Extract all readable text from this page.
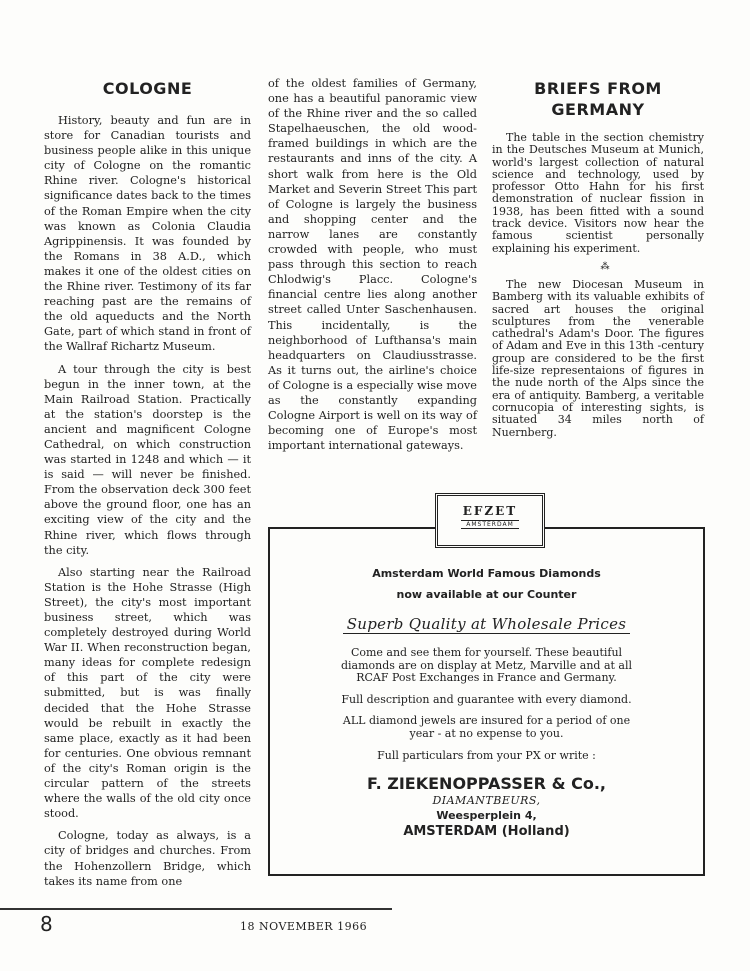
COLOGNE

History, beauty and fun are in store for Canadian tourists and business people alike in this unique city of Cologne on the romantic Rhine river. Cologne's historical significance dates back to the times of the Roman Empire when the city was known as Colonia Claudia Agrippinensis. It was founded by the Romans in 38 A.D., which makes it one of the oldest cities on the Rhine river. Testimony of its far reaching past are the remains of the old aqueducts and the North Gate, part of which stand in front of the Wallraf Richartz Museum.

A tour through the city is best begun in the inner town, at the Main Railroad Station. Practically at the station's doorstep is the ancient and magnificent Cologne Cathedral, on which construction was started in 1248 and which — it is said — will never be finished. From the observation deck 300 feet above the ground floor, one has an exciting view of the city and the Rhine river, which flows through the city.

Also starting near the Railroad Station is the Hohe Strasse (High Street), the city's most important business street, which was completely destroyed during World War II. When reconstruction began, many ideas for complete redesign of this part of the city were submitted, but is was finally decided that the Hohe Strasse would be rebuilt in exactly the same place, exactly as it had been for centuries. One obvious remnant of the city's Roman origin is the circular pattern of the streets where the walls of the old city once stood.

Cologne, today as always, is a city of bridges and churches. From the Hohenzollern Bridge, which takes its name from one

of the oldest families of Germany, one has a beautiful panoramic view of the Rhine river and the so called Stapelhaeuschen, the old wood-framed buildings in which are the restaurants and inns of the city. A short walk from here is the Old Market and Severin Street This part of Cologne is largely the business and shopping center and the narrow lanes are constantly crowded with people, who must pass through this section to reach Chlodwig's Placc. Cologne's financial centre lies along another street called Unter Saschenhausen. This incidentally, is the neighborhood of Lufthansa's main headquarters on Claudiusstrasse. As it turns out, the airline's choice of Cologne is a especially wise move as the constantly expanding Cologne Airport is well on its way of becoming one of Europe's most important international gateways.

BRIEFS FROM
GERMANY

The table in the section chemistry in the Deutsches Museum at Munich, world's largest collection of natural science and technology, used by professor Otto Hahn for his first demonstration of nuclear fission in 1938, has been fitted with a sound track device. Visitors now hear the famous scientist personally explaining his experiment.

⁂

The new Diocesan Museum in Bamberg with its valuable exhibits of sacred art houses the original sculptures from the venerable cathedral's Adam's Door. The figures of Adam and Eve in this 13th -century group are considered to be the first life-size representaions of figures in the nude north of the Alps since the era of antiquity. Bamberg, a veritable cornucopia of interesting sights, is situated 34 miles north of Nuernberg.

Amsterdam World Famous Diamonds
now available at our Counter
Superb Quality at Wholesale Prices
Come and see them for yourself. These beautiful diamonds are on display at Metz, Marville and at all RCAF Post Exchanges in France and Germany.
Full description and guarantee with every diamond.
ALL diamond jewels are insured for a period of one year - at no expense to you.
Full particulars from your PX or write :
F. ZIEKENOPPASSER & Co.,
DIAMANTBEURS,
Weesperplein 4,
AMSTERDAM (Holland)
EFZET
AMSTERDAM
8	18 NOVEMBER 1966
